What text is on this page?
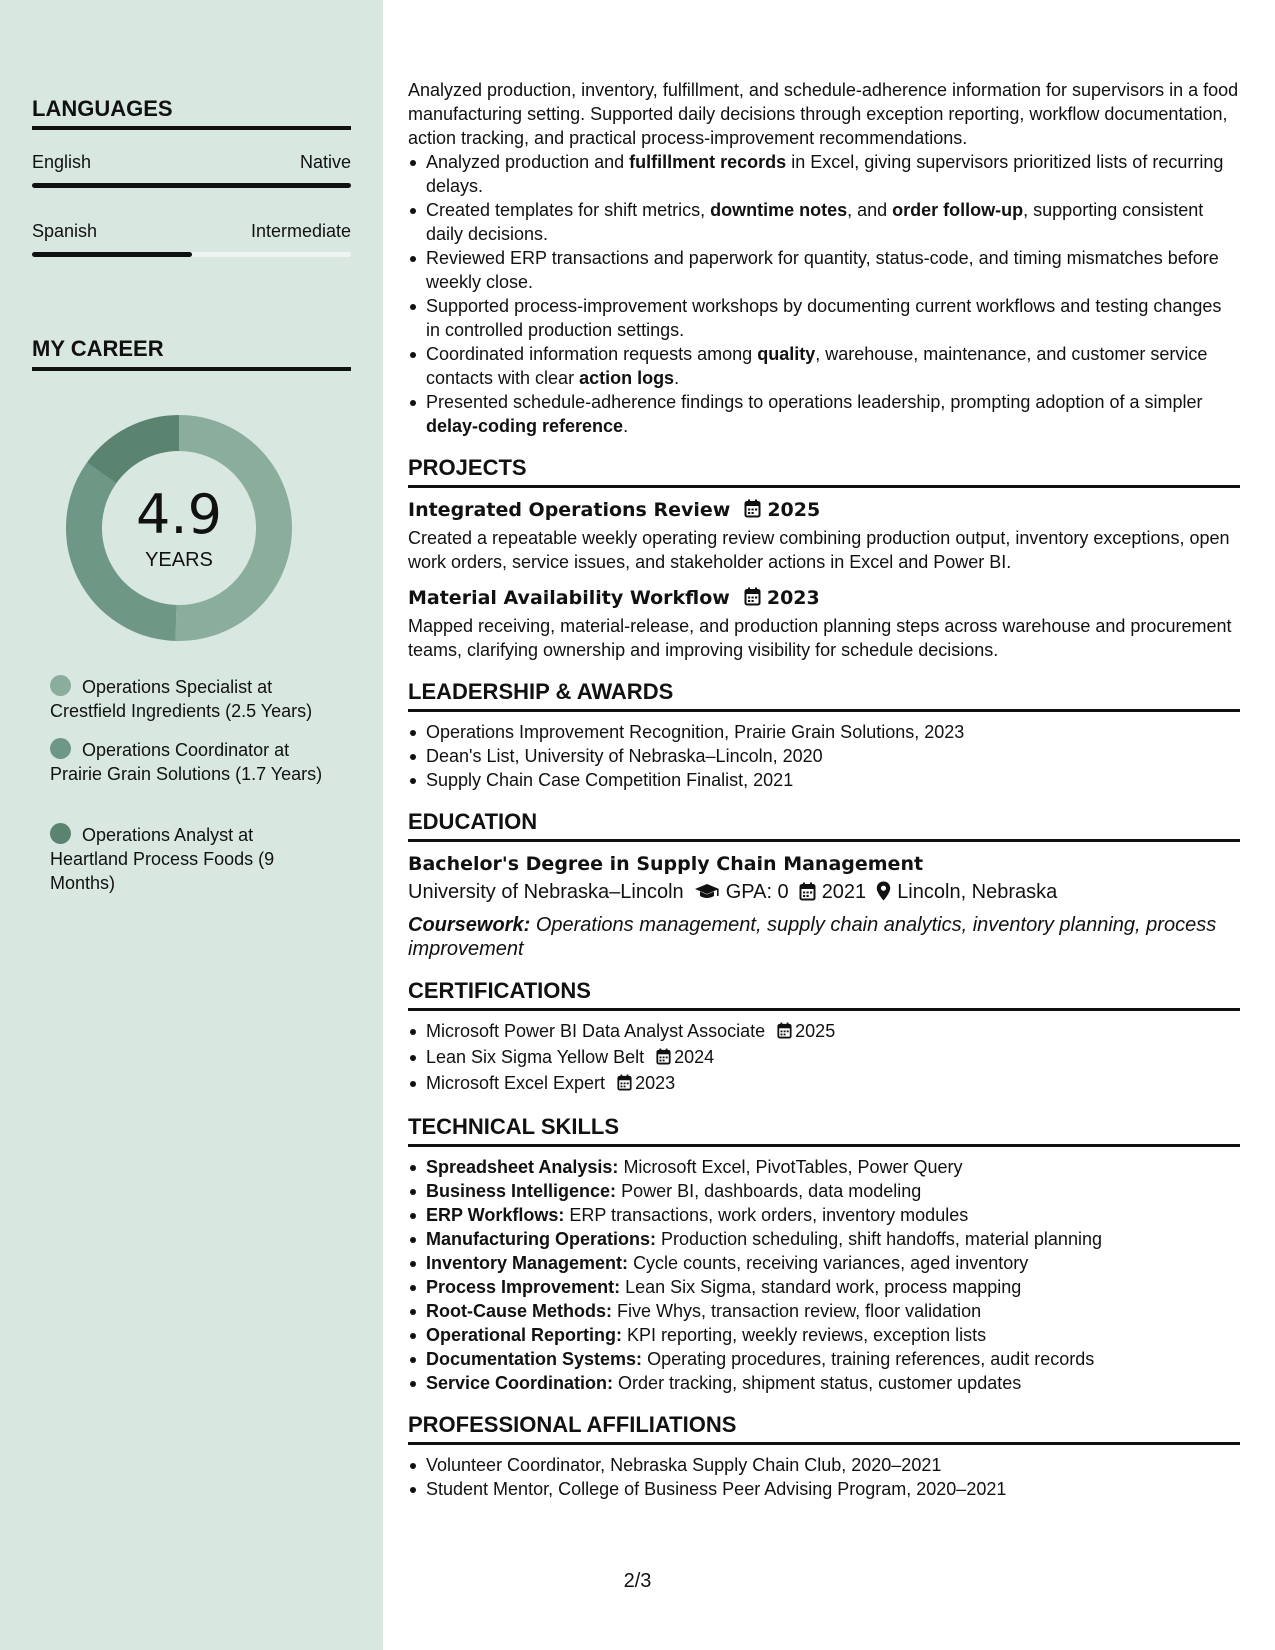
LANGUAGES
English	Native
Spanish	Intermediate
MY CAREER
4.9
YEARS
Operations Specialist at Crestfield Ingredients (2.5 Years)
Operations Coordinator at Prairie Grain Solutions (1.7 Years)
Operations Analyst at Heartland Process Foods (9 Months)

Analyzed production, inventory, fulfillment, and schedule-adherence information for supervisors in a food manufacturing setting. Supported daily decisions through exception reporting, workflow documentation, action tracking, and practical process-improvement recommendations.

Analyzed production and fulfillment records in Excel, giving supervisors prioritized lists of recurring delays.
Created templates for shift metrics, downtime notes, and order follow-up, supporting consistent daily decisions.
Reviewed ERP transactions and paperwork for quantity, status-code, and timing mismatches before weekly close.
Supported process-improvement workshops by documenting current workflows and testing changes in controlled production settings.
Coordinated information requests among quality, warehouse, maintenance, and customer service contacts with clear action logs.
Presented schedule-adherence findings to operations leadership, prompting adoption of a simpler delay-coding reference.
PROJECTS
Integrated Operations Review 2025

Created a repeatable weekly operating review combining production output, inventory exceptions, open work orders, service issues, and stakeholder actions in Excel and Power BI.

Material Availability Workflow 2023

Mapped receiving, material-release, and production planning steps across warehouse and procurement teams, clarifying ownership and improving visibility for schedule decisions.

LEADERSHIP & AWARDS
Operations Improvement Recognition, Prairie Grain Solutions, 2023
Dean's List, University of Nebraska–Lincoln, 2020
Supply Chain Case Competition Finalist, 2021
EDUCATION
Bachelor's Degree in Supply Chain Management
University of Nebraska–Lincoln GPA: 0 2021 Lincoln, Nebraska

Coursework: Operations management, supply chain analytics, inventory planning, process improvement

CERTIFICATIONS
Microsoft Power BI Data Analyst Associate 2025
Lean Six Sigma Yellow Belt 2024
Microsoft Excel Expert 2023
TECHNICAL SKILLS
Spreadsheet Analysis: Microsoft Excel, PivotTables, Power Query
Business Intelligence: Power BI, dashboards, data modeling
ERP Workflows: ERP transactions, work orders, inventory modules
Manufacturing Operations: Production scheduling, shift handoffs, material planning
Inventory Management: Cycle counts, receiving variances, aged inventory
Process Improvement: Lean Six Sigma, standard work, process mapping
Root-Cause Methods: Five Whys, transaction review, floor validation
Operational Reporting: KPI reporting, weekly reviews, exception lists
Documentation Systems: Operating procedures, training references, audit records
Service Coordination: Order tracking, shipment status, customer updates
PROFESSIONAL AFFILIATIONS
Volunteer Coordinator, Nebraska Supply Chain Club, 2020–2021
Student Mentor, College of Business Peer Advising Program, 2020–2021
2/3
